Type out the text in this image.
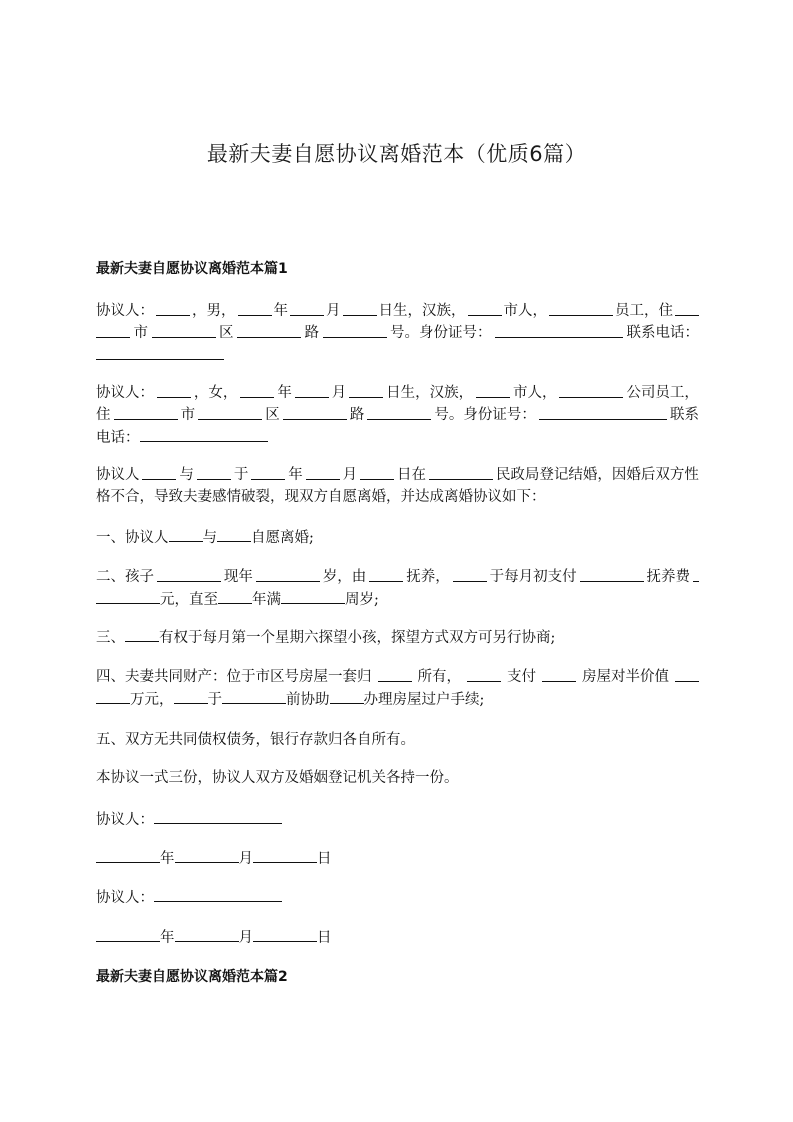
最新夫妻自愿协议离婚范本（优质6篇）
最新夫妻自愿协议离婚范本篇1
协议人：	，男，	年	月	日生，汉族，	市人，	员工，住
市	区	路	号。身份证号：	联系电话：
协议人：	，女，	年	月	日生，汉族，	市人，	公司员工，
住	市	区	路	号。身份证号：	联系
电话：
协议人	与	于	年	月	日在	民政局登记结婚，因婚后双方性
格不合，导致夫妻感情破裂，现双方自愿离婚，并达成离婚协议如下：
一、协议人 与 自愿离婚;
二、孩子	现年	岁，由	抚养，	于每月初支付	抚养费
元，直至 年满	周岁;
三、 有权于每月第一个星期六探望小孩，探望方式双方可另行协商;
四、夫妻共同财产：位于市区号房屋一套归	所有，	支付	房屋对半价值
万元， 于	前协助 办理房屋过户手续;
五、双方无共同债权债务，银行存款归各自所有。
本协议一式三份，协议人双方及婚姻登记机关各持一份。
协议人：
年	月	日
协议人：
年	月	日
最新夫妻自愿协议离婚范本篇2
